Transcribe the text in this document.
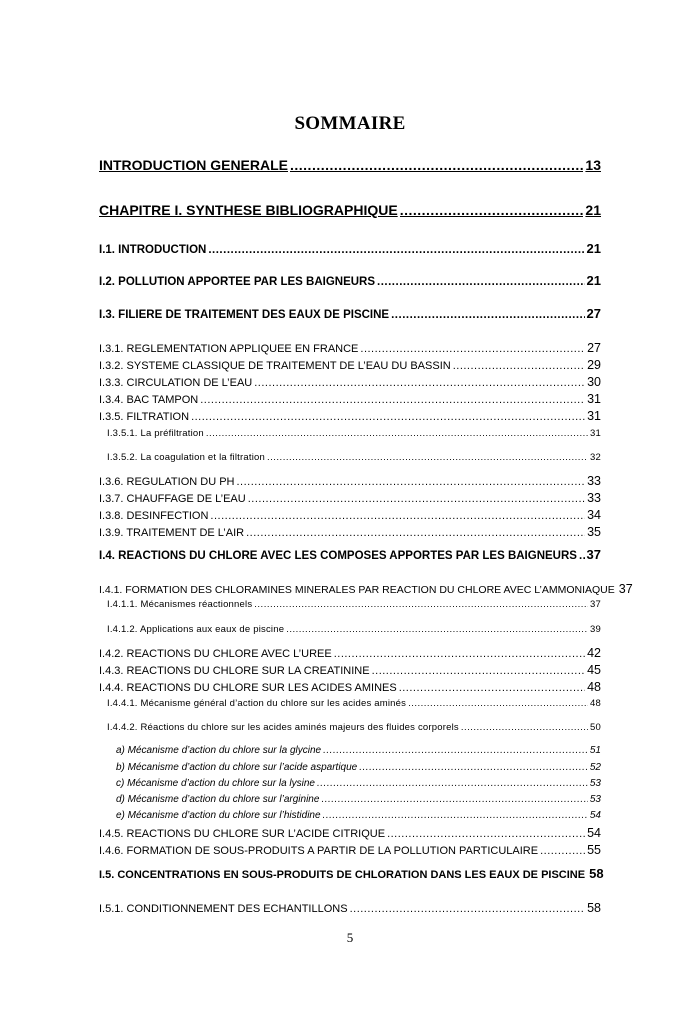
SOMMAIRE
INTRODUCTION GENERALE .....	13
CHAPITRE I. SYNTHESE BIBLIOGRAPHIQUE .....	21
I.1. INTRODUCTION .....	21
I.2. POLLUTION APPORTEE PAR LES BAIGNEURS .....	21
I.3. FILIERE DE TRAITEMENT DES EAUX DE PISCINE .....	27
I.3.1. REGLEMENTATION APPLIQUEE EN FRANCE .....	27
I.3.2. SYSTEME CLASSIQUE DE TRAITEMENT DE L’EAU DU BASSIN .....	29
I.3.3. CIRCULATION DE L’EAU .....	30
I.3.4. BAC TAMPON .....	31
I.3.5. FILTRATION .....	31
I.3.5.1. La préfiltration .....	31
I.3.5.2. La coagulation et la filtration .....	32
I.3.6. REGULATION DU PH .....	33
I.3.7. CHAUFFAGE DE L’EAU .....	33
I.3.8. DESINFECTION .....	34
I.3.9. TRAITEMENT DE L’AIR .....	35
I.4. REACTIONS DU CHLORE AVEC LES COMPOSES APPORTES PAR LES BAIGNEURS ..... 37
I.4.1. FORMATION DES CHLORAMINES MINERALES PAR REACTION DU CHLORE AVEC L’AMMONIAQUE 37
I.4.1.1. Mécanismes réactionnels .....	37
I.4.1.2. Applications aux eaux de piscine .....	39
I.4.2. REACTIONS DU CHLORE AVEC L’UREE .....	42
I.4.3. REACTIONS DU CHLORE SUR LA CREATININE .....	45
I.4.4. REACTIONS DU CHLORE SUR LES ACIDES AMINES .....	48
I.4.4.1. Mécanisme général d’action du chlore sur les acides aminés .....	48
I.4.4.2. Réactions du chlore sur les acides aminés majeurs des fluides corporels .....	50
a) Mécanisme d’action du chlore sur la glycine .....	51
b) Mécanisme d’action du chlore sur l’acide aspartique .....	52
c) Mécanisme d’action du chlore sur la lysine .....	53
d) Mécanisme d’action du chlore sur l’arginine .....	53
e) Mécanisme d’action du chlore sur l’histidine .....	54
I.4.5. REACTIONS DU CHLORE SUR L’ACIDE CITRIQUE .....	54
I.4.6. FORMATION DE SOUS-PRODUITS A PARTIR DE LA POLLUTION PARTICULAIRE .....	55
I.5. CONCENTRATIONS EN SOUS-PRODUITS DE CHLORATION DANS LES EAUX DE PISCINE 58
I.5.1. CONDITIONNEMENT DES ECHANTILLONS .....	58
5
